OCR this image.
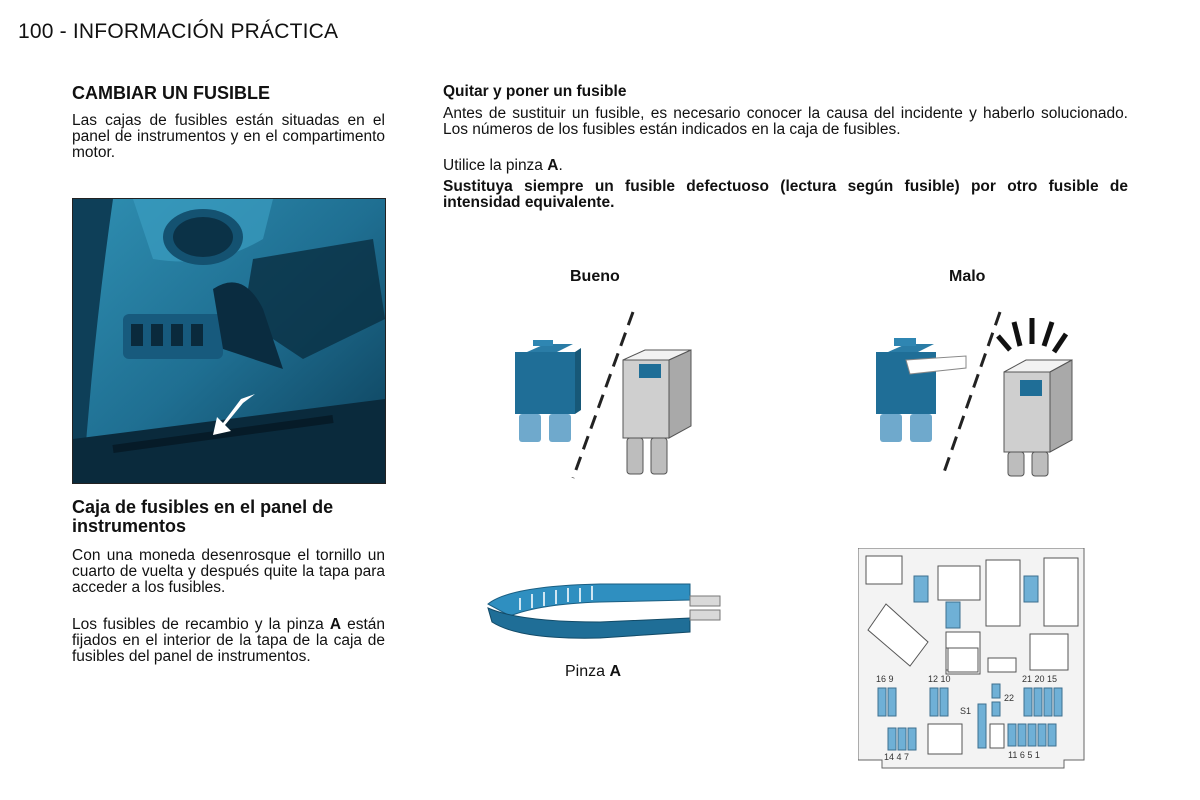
100 - INFORMACIÓN PRÁCTICA
CAMBIAR UN FUSIBLE

Las cajas de fusibles están situadas en el panel de instrumentos y en el compartimento motor.

Caja de fusibles en el panel de instrumentos

Con una moneda desenrosque el tornillo un cuarto de vuelta y después quite la tapa para acceder a los fusibles.

Los fusibles de recambio y la pinza A están fijados en el interior de la tapa de la caja de fusibles del panel de instrumentos.

Quitar y poner un fusible

Antes de sustituir un fusible, es necesario conocer la causa del incidente y haberlo solucionado. Los números de los fusibles están indicados en la caja de fusibles.

Utilice la pinza A.

Sustituya siempre un fusible defectuoso (lectura según fusible) por otro fusible de intensidad equivalente.

Bueno	Malo
Pinza A	16 9	12 10	21 20 15
22
S1
14 4 7	11 6 5 1
